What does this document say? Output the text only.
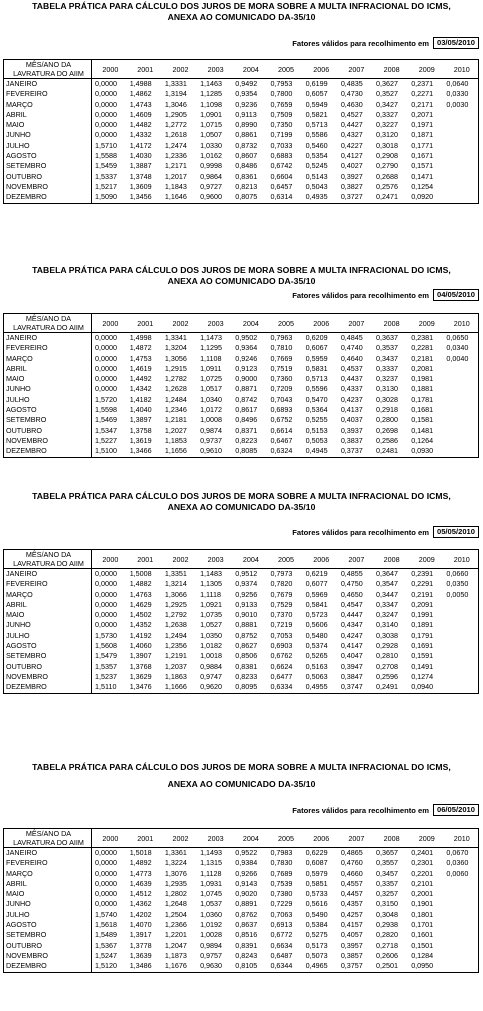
TABELA PRÁTICA PARA CÁLCULO DOS JUROS DE MORA SOBRE A MULTA INFRACIONAL DO ICMS,
ANEXA AO COMUNICADO DA-35/10
Fatores válidos para recolhimento em	03/05/2010
MÊS/ANO DA LAVRATURA DO AIIM	2000	2001	2002	2003	2004	2005	2006	2007	2008	2009	2010
JANEIRO	0,0000	1,4988	1,3331	1,1463	0,9492	0,7953	0,6199	0,4835	0,3627	0,2371	0,0640
FEVEREIRO	0,0000	1,4862	1,3194	1,1285	0,9354	0,7800	0,6057	0,4730	0,3527	0,2271	0,0330
MARÇO	0,0000	1,4743	1,3046	1,1098	0,9236	0,7659	0,5949	0,4630	0,3427	0,2171	0,0030
ABRIL	0,0000	1,4609	1,2905	1,0901	0,9113	0,7509	0,5821	0,4527	0,3327	0,2071	
MAIO	0,0000	1,4482	1,2772	1,0715	0,8990	0,7350	0,5713	0,4427	0,3227	0,1971	
JUNHO	0,0000	1,4332	1,2618	1,0507	0,8861	0,7199	0,5586	0,4327	0,3120	0,1871	
JULHO	1,5710	1,4172	1,2474	1,0330	0,8732	0,7033	0,5460	0,4227	0,3018	0,1771	
AGOSTO	1,5588	1,4030	1,2336	1,0162	0,8607	0,6883	0,5354	0,4127	0,2908	0,1671	
SETEMBRO	1,5459	1,3887	1,2171	0,9998	0,8486	0,6742	0,5245	0,4027	0,2790	0,1571	
OUTUBRO	1,5337	1,3748	1,2017	0,9864	0,8361	0,6604	0,5143	0,3927	0,2688	0,1471	
NOVEMBRO	1,5217	1,3609	1,1843	0,9727	0,8213	0,6457	0,5043	0,3827	0,2576	0,1254	
DEZEMBRO	1,5090	1,3456	1,1646	0,9600	0,8075	0,6314	0,4935	0,3727	0,2471	0,0920	
TABELA PRÁTICA PARA CÁLCULO DOS JUROS DE MORA SOBRE A MULTA INFRACIONAL DO ICMS,
ANEXA AO COMUNICADO DA-35/10
Fatores válidos para recolhimento em	04/05/2010
MÊS/ANO DA LAVRATURA DO AIIM	2000	2001	2002	2003	2004	2005	2006	2007	2008	2009	2010
JANEIRO	0,0000	1,4998	1,3341	1,1473	0,9502	0,7963	0,6209	0,4845	0,3637	0,2381	0,0650
FEVEREIRO	0,0000	1,4872	1,3204	1,1295	0,9364	0,7810	0,6067	0,4740	0,3537	0,2281	0,0340
MARÇO	0,0000	1,4753	1,3056	1,1108	0,9246	0,7669	0,5959	0,4640	0,3437	0,2181	0,0040
ABRIL	0,0000	1,4619	1,2915	1,0911	0,9123	0,7519	0,5831	0,4537	0,3337	0,2081	
MAIO	0,0000	1,4492	1,2782	1,0725	0,9000	0,7360	0,5713	0,4437	0,3237	0,1981	
JUNHO	0,0000	1,4342	1,2628	1,0517	0,8871	0,7209	0,5596	0,4337	0,3130	0,1881	
JULHO	1,5720	1,4182	1,2484	1,0340	0,8742	0,7043	0,5470	0,4237	0,3028	0,1781	
AGOSTO	1,5598	1,4040	1,2346	1,0172	0,8617	0,6893	0,5364	0,4137	0,2918	0,1681	
SETEMBRO	1,5469	1,3897	1,2181	1,0008	0,8496	0,6752	0,5255	0,4037	0,2800	0,1581	
OUTUBRO	1,5347	1,3758	1,2027	0,9874	0,8371	0,6614	0,5153	0,3937	0,2698	0,1481	
NOVEMBRO	1,5227	1,3619	1,1853	0,9737	0,8223	0,6467	0,5053	0,3837	0,2586	0,1264	
DEZEMBRO	1,5100	1,3466	1,1656	0,9610	0,8085	0,6324	0,4945	0,3737	0,2481	0,0930	
TABELA PRÁTICA PARA CÁLCULO DOS JUROS DE MORA SOBRE A MULTA INFRACIONAL DO ICMS,
ANEXA AO COMUNICADO DA-35/10
Fatores válidos para recolhimento em	05/05/2010
MÊS/ANO DA LAVRATURA DO AIIM	2000	2001	2002	2003	2004	2005	2006	2007	2008	2009	2010
JANEIRO	0,0000	1,5008	1,3351	1,1483	0,9512	0,7973	0,6219	0,4855	0,3647	0,2391	0,0660
FEVEREIRO	0,0000	1,4882	1,3214	1,1305	0,9374	0,7820	0,6077	0,4750	0,3547	0,2291	0,0350
MARÇO	0,0000	1,4763	1,3066	1,1118	0,9256	0,7679	0,5969	0,4650	0,3447	0,2191	0,0050
ABRIL	0,0000	1,4629	1,2925	1,0921	0,9133	0,7529	0,5841	0,4547	0,3347	0,2091	
MAIO	0,0000	1,4502	1,2792	1,0735	0,9010	0,7370	0,5723	0,4447	0,3247	0,1991	
JUNHO	0,0000	1,4352	1,2638	1,0527	0,8881	0,7219	0,5606	0,4347	0,3140	0,1891	
JULHO	1,5730	1,4192	1,2494	1,0350	0,8752	0,7053	0,5480	0,4247	0,3038	0,1791	
AGOSTO	1,5608	1,4060	1,2356	1,0182	0,8627	0,6903	0,5374	0,4147	0,2928	0,1691	
SETEMBRO	1,5479	1,3907	1,2191	1,0018	0,8506	0,6762	0,5265	0,4047	0,2810	0,1591	
OUTUBRO	1,5357	1,3768	1,2037	0,9884	0,8381	0,6624	0,5163	0,3947	0,2708	0,1491	
NOVEMBRO	1,5237	1,3629	1,1863	0,9747	0,8233	0,6477	0,5063	0,3847	0,2596	0,1274	
DEZEMBRO	1,5110	1,3476	1,1666	0,9620	0,8095	0,6334	0,4955	0,3747	0,2491	0,0940	
TABELA PRÁTICA PARA CÁLCULO DOS JUROS DE MORA SOBRE A MULTA INFRACIONAL DO ICMS,
ANEXA AO COMUNICADO DA-35/10
Fatores válidos para recolhimento em	06/05/2010
MÊS/ANO DA LAVRATURA DO AIIM	2000	2001	2002	2003	2004	2005	2006	2007	2008	2009	2010
JANEIRO	0,0000	1,5018	1,3361	1,1493	0,9522	0,7983	0,6229	0,4865	0,3657	0,2401	0,0670
FEVEREIRO	0,0000	1,4892	1,3224	1,1315	0,9384	0,7830	0,6087	0,4760	0,3557	0,2301	0,0360
MARÇO	0,0000	1,4773	1,3076	1,1128	0,9266	0,7689	0,5979	0,4660	0,3457	0,2201	0,0060
ABRIL	0,0000	1,4639	1,2935	1,0931	0,9143	0,7539	0,5851	0,4557	0,3357	0,2101	
MAIO	0,0000	1,4512	1,2802	1,0745	0,9020	0,7380	0,5733	0,4457	0,3257	0,2001	
JUNHO	0,0000	1,4362	1,2648	1,0537	0,8891	0,7229	0,5616	0,4357	0,3150	0,1901	
JULHO	1,5740	1,4202	1,2504	1,0360	0,8762	0,7063	0,5490	0,4257	0,3048	0,1801	
AGOSTO	1,5618	1,4070	1,2366	1,0192	0,8637	0,6913	0,5384	0,4157	0,2938	0,1701	
SETEMBRO	1,5489	1,3917	1,2201	1,0028	0,8516	0,6772	0,5275	0,4057	0,2820	0,1601	
OUTUBRO	1,5367	1,3778	1,2047	0,9894	0,8391	0,6634	0,5173	0,3957	0,2718	0,1501	
NOVEMBRO	1,5247	1,3639	1,1873	0,9757	0,8243	0,6487	0,5073	0,3857	0,2606	0,1284	
DEZEMBRO	1,5120	1,3486	1,1676	0,9630	0,8105	0,6344	0,4965	0,3757	0,2501	0,0950	
